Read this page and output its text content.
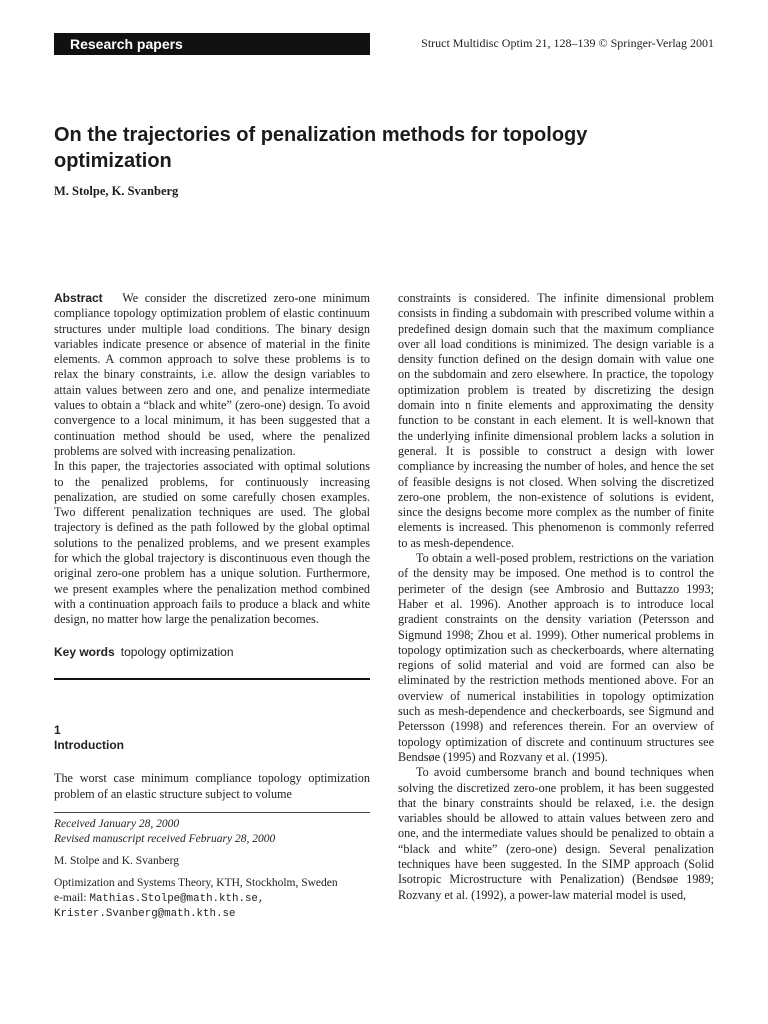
Research papers	Struct Multidisc Optim 21, 128–139 © Springer-Verlag 2001
On the trajectories of penalization methods for topology optimization
M. Stolpe, K. Svanberg

Abstract We consider the discretized zero-one minimum compliance topology optimization problem of elastic continuum structures under multiple load conditions. The binary design variables indicate presence or absence of material in the finite elements. A common approach to solve these problems is to relax the binary constraints, i.e. allow the design variables to attain values between zero and one, and penalize intermediate values to obtain a “black and white” (zero-one) design. To avoid convergence to a local minimum, it has been suggested that a continuation method should be used, where the penalized problems are solved with increasing penalization.

In this paper, the trajectories associated with optimal solutions to the penalized problems, for continuously increasing penalization, are studied on some carefully chosen examples. Two different penalization techniques are used. The global trajectory is defined as the path followed by the global optimal solutions to the penalized problems, and we present examples for which the global trajectory is discontinuous even though the original zero-one problem has a unique solution. Furthermore, we present examples where the penalization method combined with a continuation approach fails to produce a black and white design, no matter how large the penalization becomes.

Key words topology optimization
1
Introduction

The worst case minimum compliance topology optimization problem of an elastic structure subject to volume

Received January 28, 2000
Revised manuscript received February 28, 2000
M. Stolpe and K. Svanberg
Optimization and Systems Theory, KTH, Stockholm, Sweden
e-mail: Mathias.Stolpe@math.kth.se,
Krister.Svanberg@math.kth.se

constraints is considered. The infinite dimensional problem consists in finding a subdomain with prescribed volume within a predefined design domain such that the maximum compliance over all load conditions is minimized. The design variable is a density function defined on the design domain with value one on the subdomain and zero elsewhere. In practice, the topology optimization problem is treated by discretizing the design domain into n finite elements and approximating the density function to be constant in each element. It is well-known that the underlying infinite dimensional problem lacks a solution in general. It is possible to construct a design with lower compliance by increasing the number of holes, and hence the set of feasible designs is not closed. When solving the discretized zero-one problem, the non-existence of solutions is evident, since the designs become more complex as the number of finite elements is increased. This phenomenon is commonly referred to as mesh-dependence.

To obtain a well-posed problem, restrictions on the variation of the density may be imposed. One method is to control the perimeter of the design (see Ambrosio and Buttazzo 1993; Haber et al. 1996). Another approach is to introduce local gradient constraints on the density variation (Petersson and Sigmund 1998; Zhou et al. 1999). Other numerical problems in topology optimization such as checkerboards, where alternating regions of solid material and void are formed can also be eliminated by the restriction methods mentioned above. For an overview of numerical instabilities in topology optimization such as mesh-dependence and checkerboards, see Sigmund and Petersson (1998) and references therein. For an overview of topology optimization of discrete and continuum structures see Bendsøe (1995) and Rozvany et al. (1995).

To avoid cumbersome branch and bound techniques when solving the discretized zero-one problem, it has been suggested that the binary constraints should be relaxed, i.e. the design variables should be allowed to attain values between zero and one, and the intermediate values should be penalized to obtain a “black and white” (zero-one) design. Several penalization techniques have been suggested. In the SIMP approach (Solid Isotropic Microstructure with Penalization) (Bendsøe 1989; Rozvany et al. (1992), a power-law material model is used,
